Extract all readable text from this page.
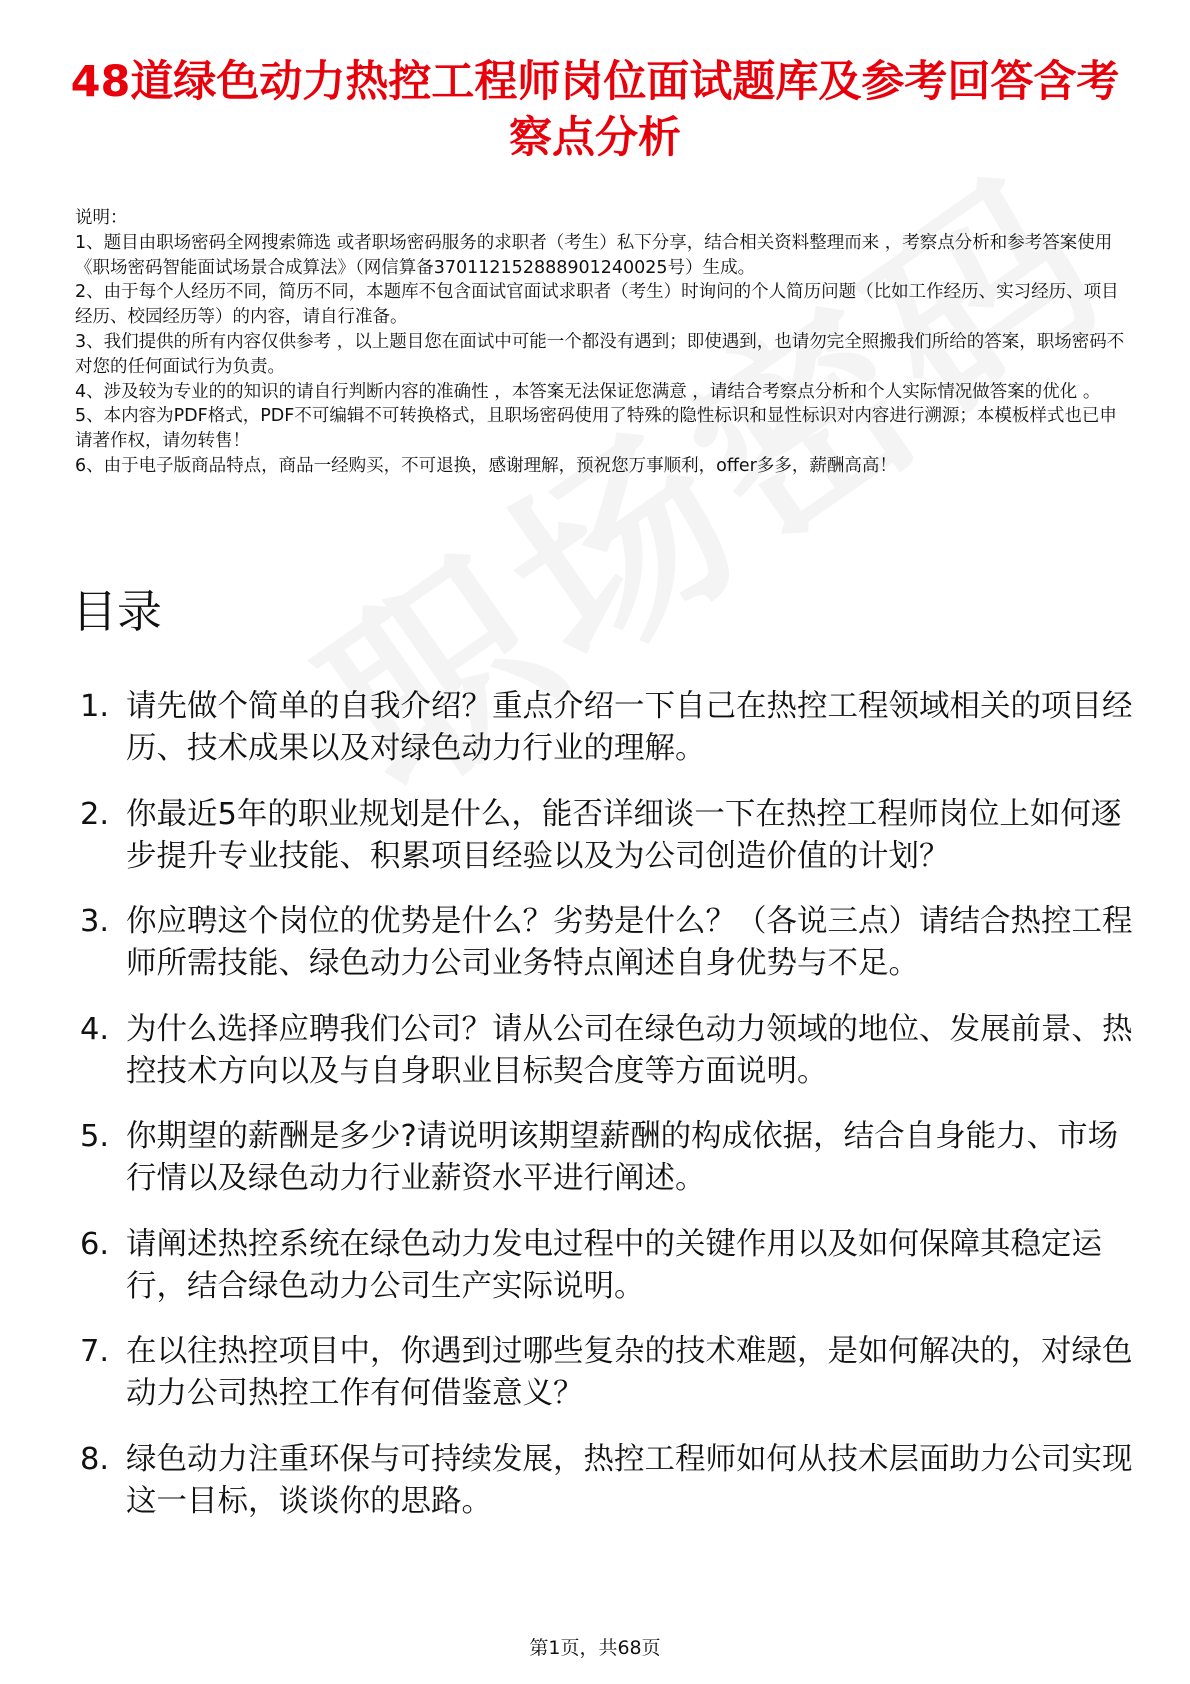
48道绿色动力热控工程师岗位面试题库及参考回答含考察点分析

说明：

1、题目由职场密码全网搜索筛选 或者职场密码服务的求职者（考生）私下分享，结合相关资料整理而来 ，考察点分析和参考答案使用《职场密码智能面试场景合成算法》（网信算备370112152888901240025号）生成。

2、由于每个人经历不同，简历不同，本题库不包含面试官面试求职者（考生）时询问的个人简历问题（比如工作经历、实习经历、项目经历、校园经历等）的内容，请自行准备。

3、我们提供的所有内容仅供参考 ，以上题目您在面试中可能一个都没有遇到；即使遇到，也请勿完全照搬我们所给的答案，职场密码不对您的任何面试行为负责。

4、涉及较为专业的的知识的请自行判断内容的准确性 ，本答案无法保证您满意 ，请结合考察点分析和个人实际情况做答案的优化 。

5、本内容为PDF格式，PDF不可编辑不可转换格式，且职场密码使用了特殊的隐性标识和显性标识对内容进行溯源；本模板样式也已申请著作权，请勿转售！

6、由于电子版商品特点，商品一经购买，不可退换，感谢理解，预祝您万事顺利，offer多多，薪酬高高！

目录
1. 请先做个简单的自我介绍？重点介绍一下自己在热控工程领域相关的项目经历、技术成果以及对绿色动力行业的理解。
2. 你最近5年的职业规划是什么，能否详细谈一下在热控工程师岗位上如何逐步提升专业技能、积累项目经验以及为公司创造价值的计划？
3. 你应聘这个岗位的优势是什么？劣势是什么？（各说三点）请结合热控工程师所需技能、绿色动力公司业务特点阐述自身优势与不足。
4. 为什么选择应聘我们公司？请从公司在绿色动力领域的地位、发展前景、热控技术方向以及与自身职业目标契合度等方面说明。
5. 你期望的薪酬是多少?请说明该期望薪酬的构成依据，结合自身能力、市场行情以及绿色动力行业薪资水平进行阐述。
6. 请阐述热控系统在绿色动力发电过程中的关键作用以及如何保障其稳定运行，结合绿色动力公司生产实际说明。
7. 在以往热控项目中，你遇到过哪些复杂的技术难题，是如何解决的，对绿色动力公司热控工作有何借鉴意义？
8. 绿色动力注重环保与可持续发展，热控工程师如何从技术层面助力公司实现这一目标，谈谈你的思路。
第1页，共68页
